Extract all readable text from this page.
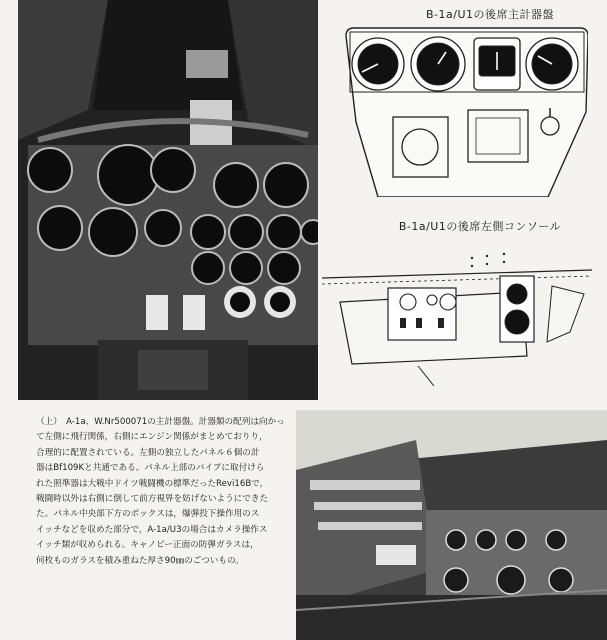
B-1a/U1の後席主計器盤
B-1a/U1の後席左側コンソール
（上）　A-1a、W.Nr500071の主計器盤。計器類の配列は向かっ
て左側に飛行関係，右側にエンジン関係がまとめておりり，
合理的に配置されている。左側の独立したパネル６個の計
器はBf109Kと共通である。パネル上部のパイプに取付けら
れた照準器は大戦中ドイツ戦闘機の標準だったRevi16Bで，
戦闘時以外は右側に倒して前方視界を妨げないようにできた
た。パネル中央部下方のボックスは，爆弾投下操作用のス
イッチなどを収めた部分で，A-1a/U3の場合はカメラ操作ス
イッチ類が収められる。キャノピー正面の防弾ガラスは，
何枚ものガラスを積み重ねた厚さ90㎜のごついもの。
